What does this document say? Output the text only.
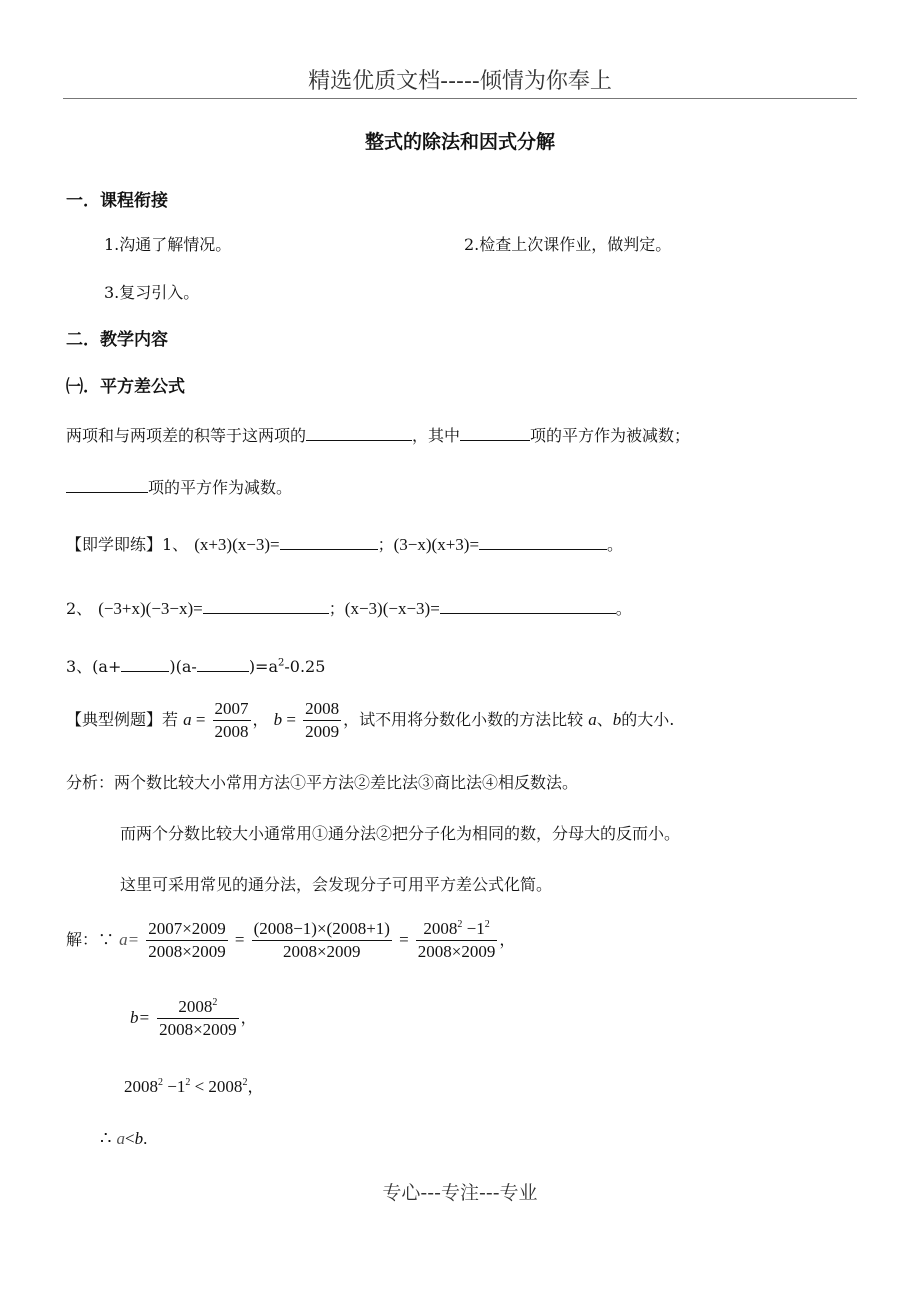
精选优质文档-----倾情为你奉上
整式的除法和因式分解
一．课程衔接
1.沟通了解情况。	2.检查上次课作业，做判定。
3.复习引入。
二．教学内容
㈠．平方差公式
两项和与两项差的积等于这两项的	，其中	项的平方作为被减数；
项的平方作为减数。
【即学即练】1、 (x+3)(x−3)=	；(3−x)(x+3)=	。
2、 (−3+x)(−3−x)=	；(x−3)(−x−3)=	。
3、(a+	)(a-	)$=a^2-0.25$
【典型例题】若 $a = \frac{2007}{2008}$ ， $b = \frac{2008}{2009}$ ，试不用将分数化小数的方法比较 a、b的大小.
分析：两个数比较大小常用方法①平方法②差比法③商比法④相反数法。
而两个分数比较大小通常用①通分法②把分子化为相同的数，分母大的反而小。
这里可采用常见的通分法，会发现分子可用平方差公式化简。
解：∵ $a= \frac{2007\times 2009}{2008\times 2009} = \frac{(2008-1)\times(2008+1)}{2008\times 2009} = \frac{2008^2 -1^2}{2008\times 2009}$ ，
$b= \frac{2008^2}{2008\times 2009}$ ，
$2008^2 -1^2 < 2008^2$，
∴ a<b.
专心---专注---专业
